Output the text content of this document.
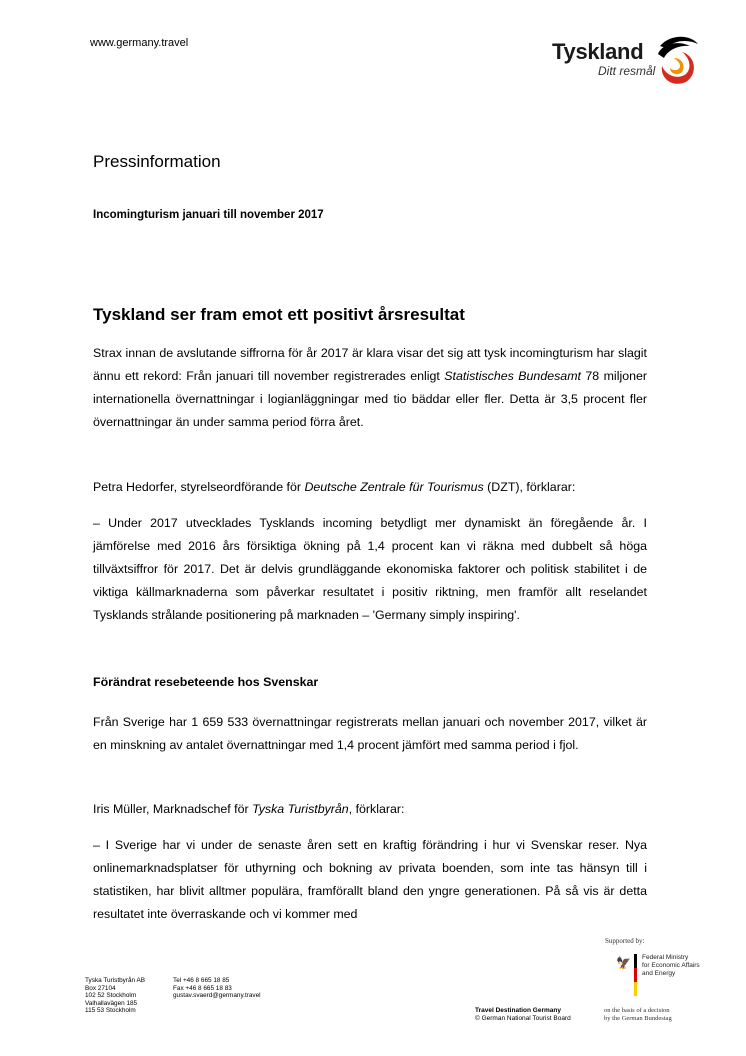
www.germany.travel	Tyskland
Ditt resmål
Pressinformation
Incomingturism januari till november 2017
Tyskland ser fram emot ett positivt årsresultat

Strax innan de avslutande siffrorna för år 2017 är klara visar det sig att tysk incomingturism har slagit ännu ett rekord: Från januari till november registrerades enligt Statistisches Bundesamt 78 miljoner internationella övernattningar i logianläggningar med tio bäddar eller fler. Detta är 3,5 procent fler övernattningar än under samma period förra året.

Petra Hedorfer, styrelseordförande för Deutsche Zentrale für Tourismus (DZT), förklarar:

– Under 2017 utvecklades Tysklands incoming betydligt mer dynamiskt än föregående år. I jämförelse med 2016 års försiktiga ökning på 1,4 procent kan vi räkna med dubbelt så höga tillväxtsiffror för 2017. Det är delvis grundläggande ekonomiska faktorer och politisk stabilitet i de viktiga källmarknaderna som påverkar resultatet i positiv riktning, men framför allt reselandet Tysklands strålande positionering på marknaden – 'Germany simply inspiring'.

Förändrat resebeteende hos Svenskar

Från Sverige har 1 659 533 övernattningar registrerats mellan januari och november 2017, vilket är en minskning av antalet övernattningar med 1,4 procent jämfört med samma period i fjol.

Iris Müller, Marknadschef för Tyska Turistbyrån, förklarar:

– I Sverige har vi under de senaste åren sett en kraftig förändring i hur vi Svenskar reser. Nya onlinemarknadsplatser för uthyrning och bokning av privata boenden, som inte tas hänsyn till i statistiken, har blivit alltmer populära, framförallt bland den yngre generationen. På så vis är detta resultatet inte överraskande och vi kommer med

Supported by:
🦅 Federal Ministry
for Economic Affairs
and Energy
Tyska Turistbyrån AB
Box 27104
102 52 Stockholm
Valhallavägen 185
115 53 Stockholm
Tel +46 8 665 18 85
Fax +46 8 665 18 83
gustav.svaerd@germany.travel
Travel Destination Germany
© German National Tourist Board
on the basis of a decision
by the German Bundestag
